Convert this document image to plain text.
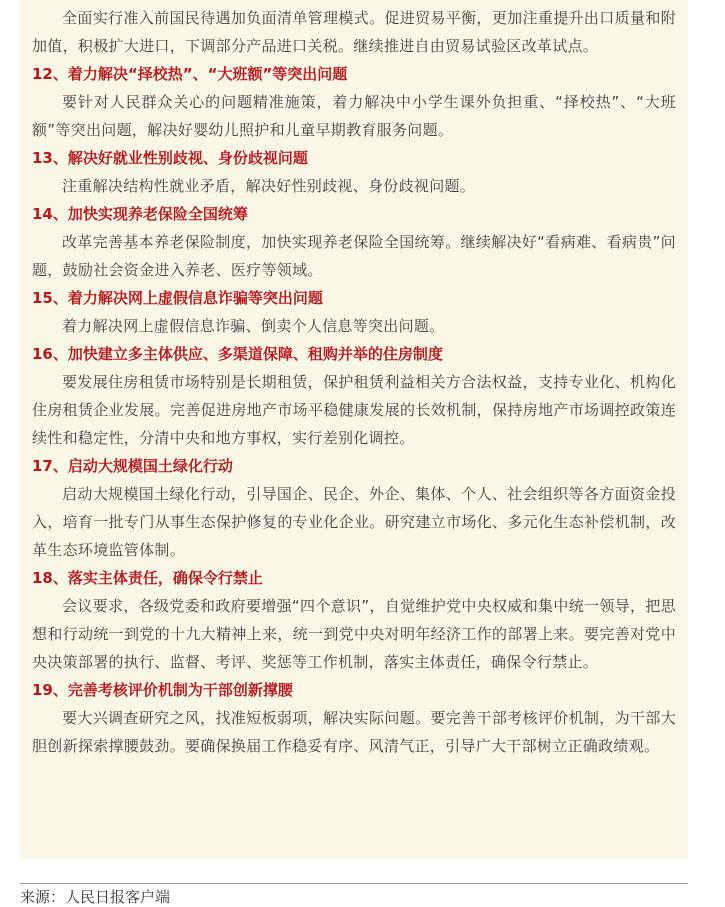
全面实行准入前国民待遇加负面清单管理模式。促进贸易平衡，更加注重提升出口质量和附加值，积极扩大进口，下调部分产品进口关税。继续推进自由贸易试验区改革试点。

12、着力解决“择校热”、“大班额”等突出问题

要针对人民群众关心的问题精准施策，着力解决中小学生课外负担重、“择校热”、“大班额”等突出问题，解决好婴幼儿照护和儿童早期教育服务问题。

13、解决好就业性别歧视、身份歧视问题

注重解决结构性就业矛盾，解决好性别歧视、身份歧视问题。

14、加快实现养老保险全国统筹

改革完善基本养老保险制度，加快实现养老保险全国统筹。继续解决好“看病难、看病贵”问题，鼓励社会资金进入养老、医疗等领域。

15、着力解决网上虚假信息诈骗等突出问题

着力解决网上虚假信息诈骗、倒卖个人信息等突出问题。

16、加快建立多主体供应、多渠道保障、租购并举的住房制度

要发展住房租赁市场特别是长期租赁，保护租赁利益相关方合法权益，支持专业化、机构化住房租赁企业发展。完善促进房地产市场平稳健康发展的长效机制，保持房地产市场调控政策连续性和稳定性，分清中央和地方事权，实行差别化调控。

17、启动大规模国土绿化行动

启动大规模国土绿化行动，引导国企、民企、外企、集体、个人、社会组织等各方面资金投入，培育一批专门从事生态保护修复的专业化企业。研究建立市场化、多元化生态补偿机制，改革生态环境监管体制。

18、落实主体责任，确保令行禁止

会议要求，各级党委和政府要增强“四个意识”，自觉维护党中央权威和集中统一领导，把思想和行动统一到党的十九大精神上来，统一到党中央对明年经济工作的部署上来。要完善对党中央决策部署的执行、监督、考评、奖惩等工作机制，落实主体责任，确保令行禁止。

19、完善考核评价机制为干部创新撑腰

要大兴调查研究之风，找准短板弱项，解决实际问题。要完善干部考核评价机制，为干部大胆创新探索撑腰鼓劲。要确保换届工作稳妥有序、风清气正，引导广大干部树立正确政绩观。

来源：人民日报客户端
